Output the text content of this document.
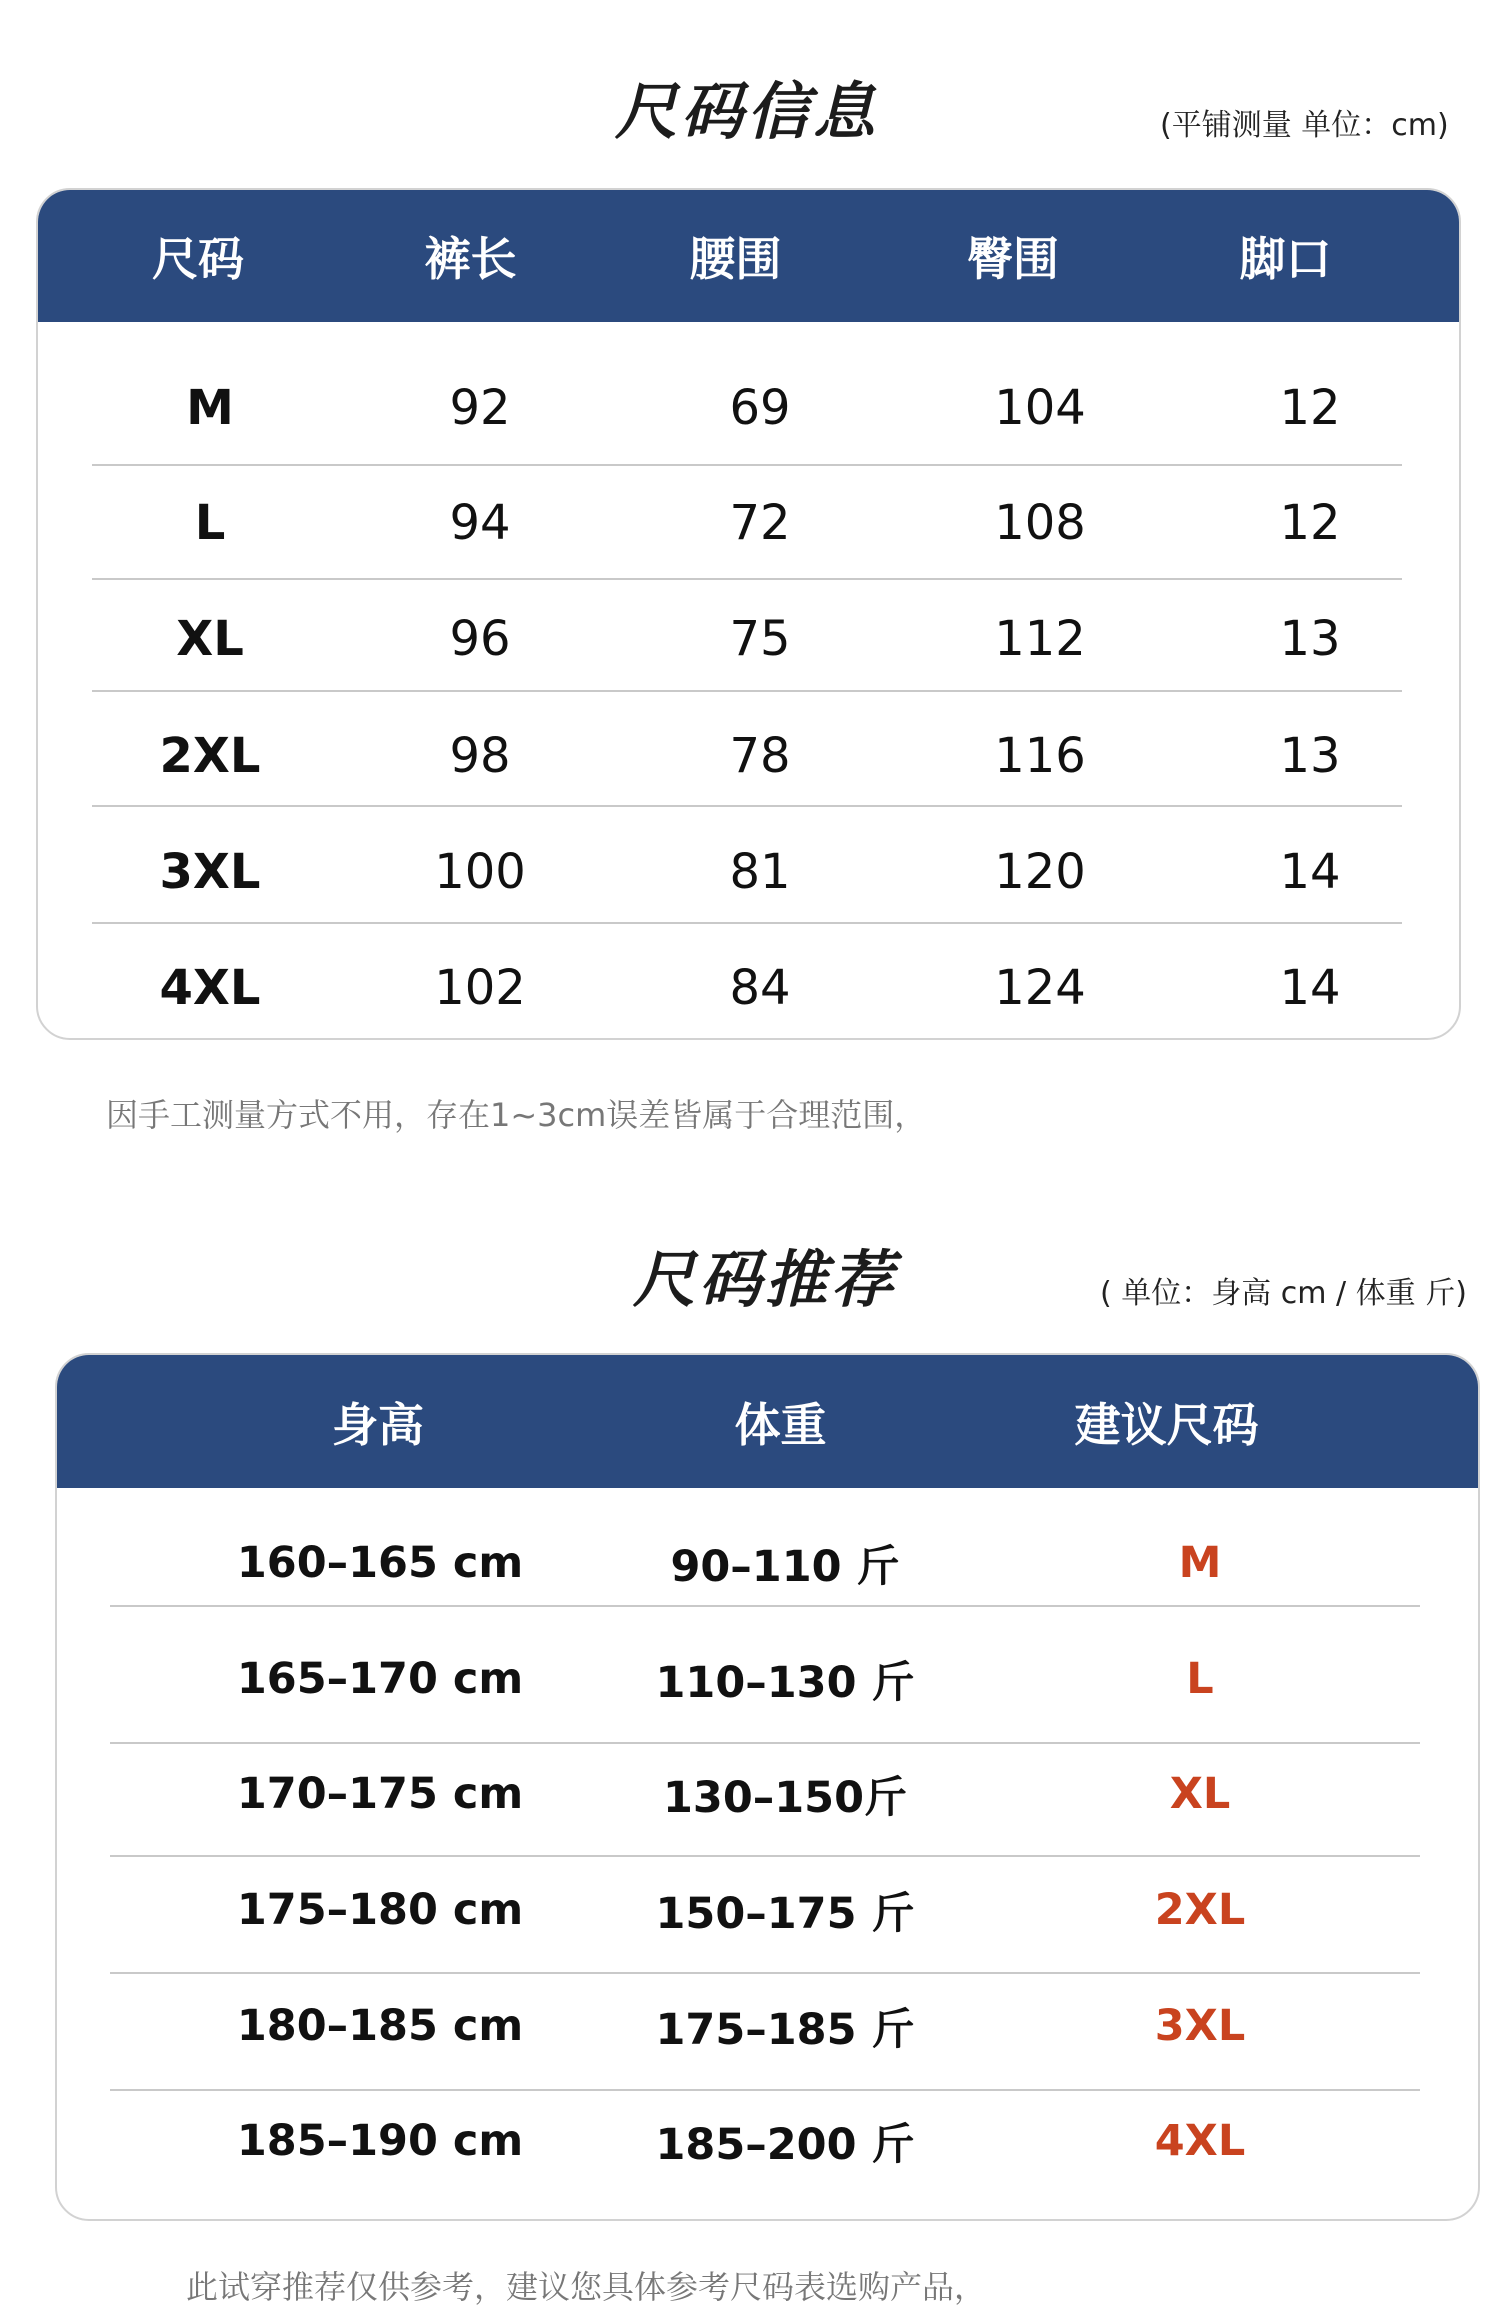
尺码信息	(平铺测量 单位：cm)
尺码	裤长	腰围	臀围	脚口
M	92	69	104	12
L	94	72	108	12
XL	96	75	112	13
2XL	98	78	116	13
3XL	100	81	120	14
4XL	102	84	124	14
因手工测量方式不用，存在1~3cm误差皆属于合理范围，
尺码推荐	( 单位：身高 cm / 体重 斤)
身高	体重	建议尺码
160–165 cm	90–110 斤	M
165–170 cm	110–130 斤	L
170–175 cm	130–150斤	XL
175–180 cm	150–175 斤	2XL
180–185 cm	175–185 斤	3XL
185–190 cm	185–200 斤	4XL
此试穿推荐仅供参考，建议您具体参考尺码表选购产品，
